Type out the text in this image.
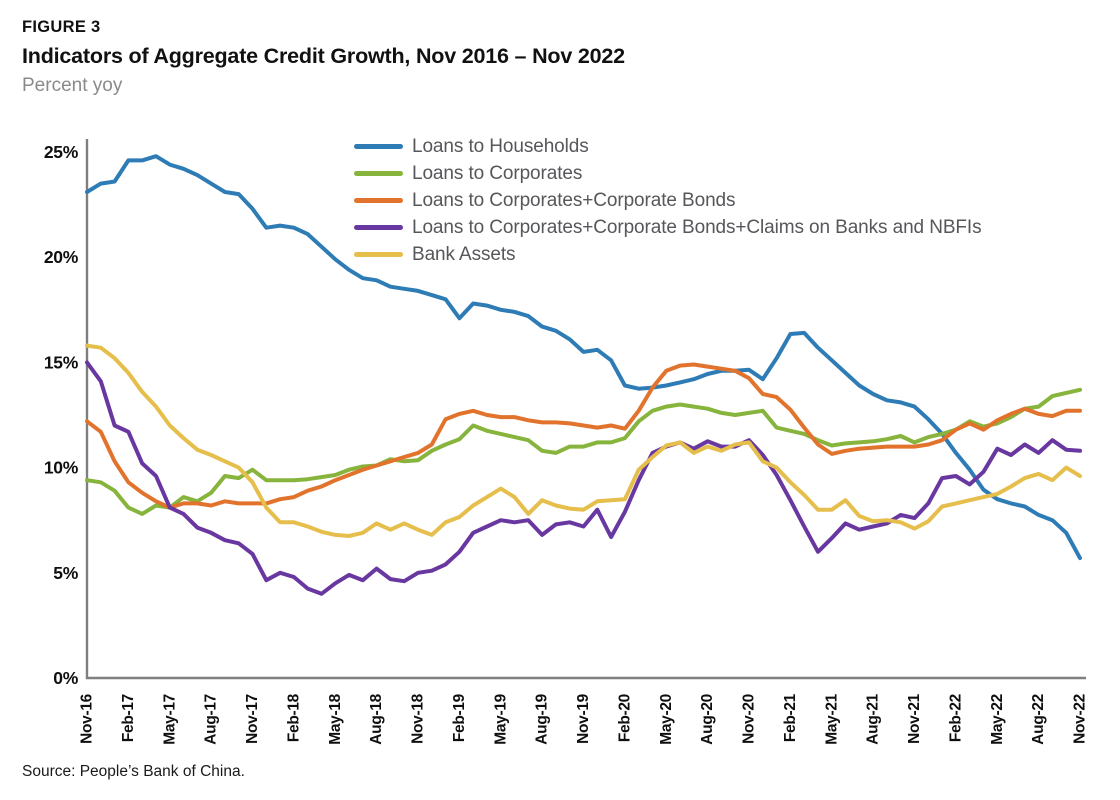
FIGURE 3
Indicators of Aggregate Credit Growth, Nov 2016 – Nov 2022
Percent yoy
0%
5%
10%
15%
20%
25%
Nov-16 Feb-17 May-17 Aug-17 Nov-17 Feb-18 May-18 Aug-18 Nov-18 Feb-19 May-19 Aug-19 Nov-19 Feb-20 May-20 Aug-20 Nov-20 Feb-21 May-21 Aug-21 Nov-21 Feb-22 May-22 Aug-22 Nov-22
Loans to Households
Loans to Corporates
Loans to Corporates+Corporate Bonds
Loans to Corporates+Corporate Bonds+Claims on Banks and NBFIs
Bank Assets
Source: People’s Bank of China.
